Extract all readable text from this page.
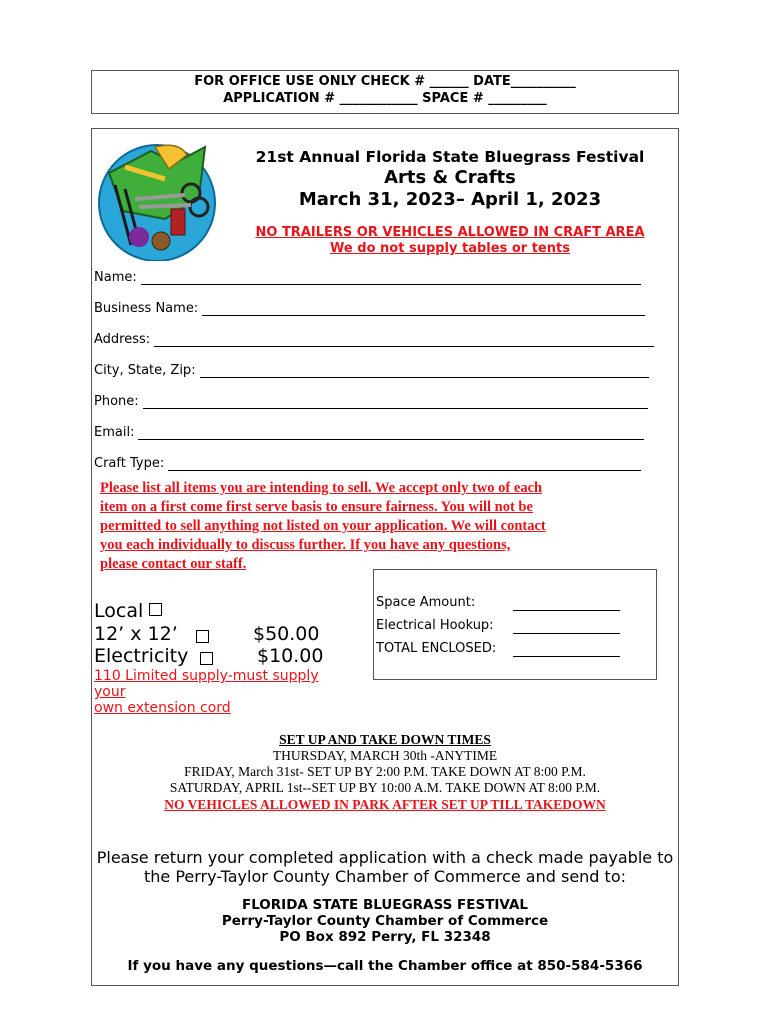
FOR OFFICE USE ONLY CHECK # ______ DATE__________
APPLICATION # ____________ SPACE # _________
21st Annual Florida State Bluegrass Festival
Arts & Crafts
March 31, 2023– April 1, 2023
NO TRAILERS OR VEHICLES ALLOWED IN CRAFT AREA
We do not supply tables or tents
Name:
Business Name:
Address:
City, State, Zip:
Phone:
Email:
Craft Type:
Please list all items you are intending to sell. We accept only two of each
item on a first come first serve basis to ensure fairness. You will not be
permitted to sell anything not listed on your application. We will contact
you each individually to discuss further. If you have any questions,
please contact our staff.
Space Amount:
Electrical Hookup:
TOTAL ENCLOSED:
Local
12’ x 12’	$50.00
Electricity	$10.00
110 Limited supply-must supply your
own extension cord
SET UP AND TAKE DOWN TIMES
THURSDAY, MARCH 30th -ANYTIME
FRIDAY, March 31st- SET UP BY 2:00 P.M. TAKE DOWN AT 8:00 P.M.
SATURDAY, APRIL 1st--SET UP BY 10:00 A.M. TAKE DOWN AT 8:00 P.M.
NO VEHICLES ALLOWED IN PARK AFTER SET UP TILL TAKEDOWN
Please return your completed application with a check made payable to
the Perry-Taylor County Chamber of Commerce and send to:
FLORIDA STATE BLUEGRASS FESTIVAL
Perry-Taylor County Chamber of Commerce
PO Box 892 Perry, FL 32348
If you have any questions—call the Chamber office at 850-584-5366
